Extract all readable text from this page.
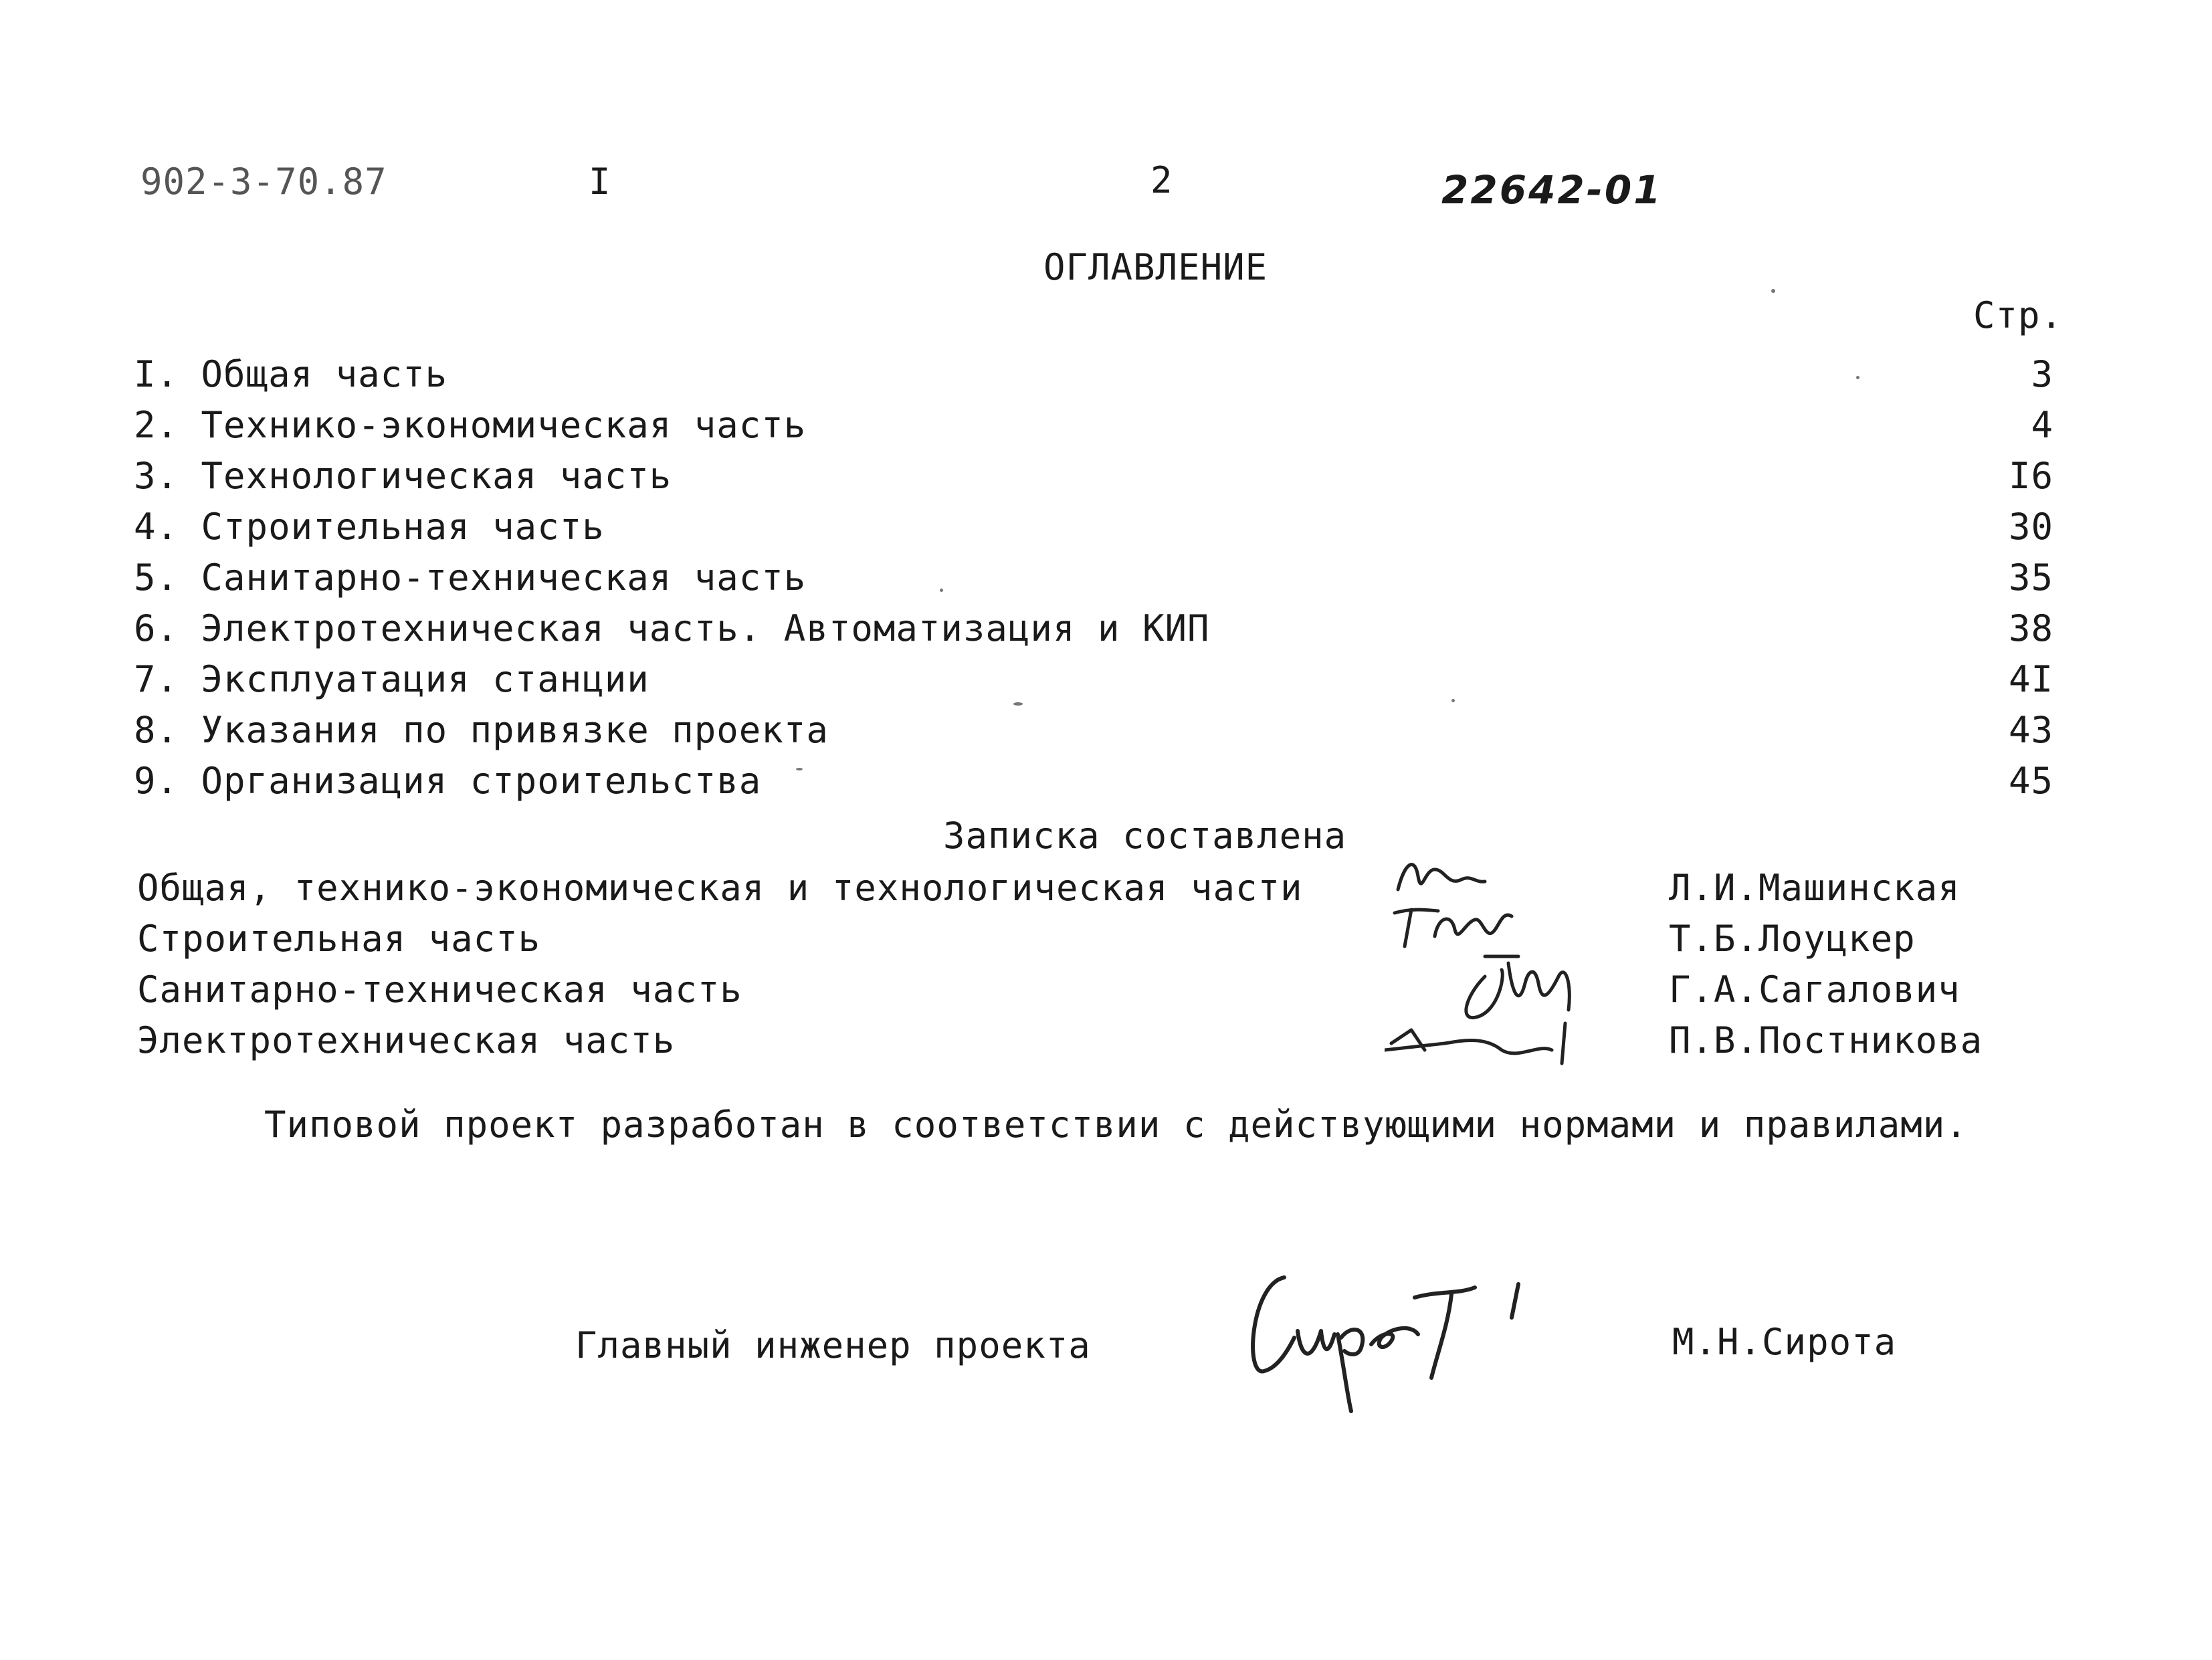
902-3-70.87	I	2	22642-01
ОГЛАВЛЕНИЕ
Стр.
I. Общая часть	3
2. Технико-экономическая часть	4
3. Технологическая часть	I6
4. Строительная часть	30
5. Санитарно-техническая часть	35
6. Электротехническая часть. Автоматизация и КИП	38
7. Эксплуатация станции	4I
8. Указания по привязке проекта	43
9. Организация строительства	45
Записка составлена
Общая, технико-экономическая и технологическая части	Л.И.Машинская
Строительная часть	Т.Б.Лоуцкер
Санитарно-техническая часть	Г.А.Сагалович
Электротехническая часть	П.В.Постникова
Типовой проект разработан в соответствии с действующими нормами и правилами.
Главный инженер проекта	М.Н.Сирота
